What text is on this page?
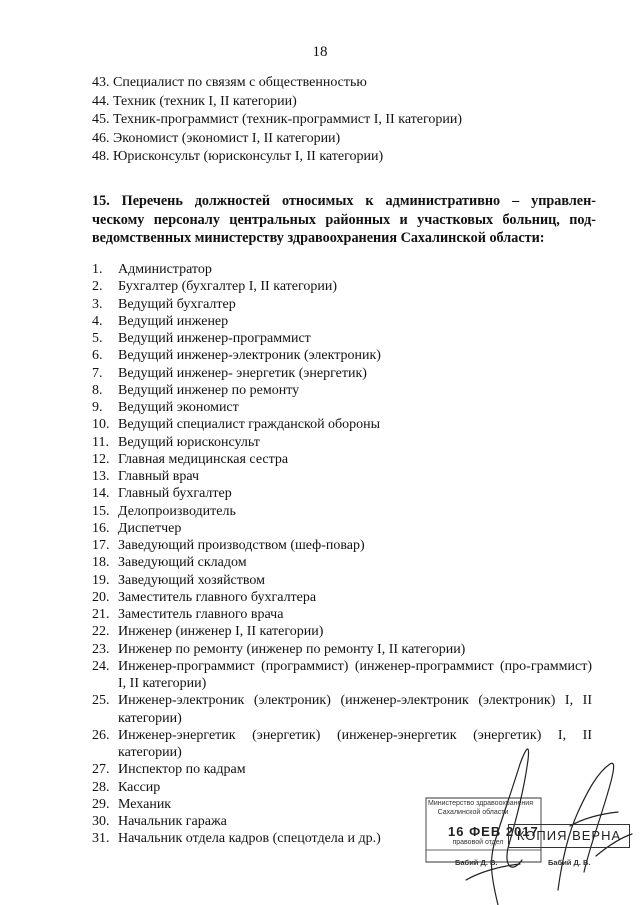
18
43. Специалист по связям с общественностью
44. Техник (техник I, II категории)
45. Техник-программист (техник-программист I, II категории)
46. Экономист (экономист I, II категории)
48. Юрисконсульт (юрисконсульт I, II категории)
15. Перечень должностей относимых к административно – управлен-
ческому персоналу центральных районных и участковых больниц, под-
ведомственных министерству здравоохранения Сахалинской области:
1.	Администратор
2.	Бухгалтер (бухгалтер I, II категории)
3.	Ведущий бухгалтер
4.	Ведущий инженер
5.	Ведущий инженер-программист
6.	Ведущий инженер-электроник (электроник)
7.	Ведущий инженер- энергетик (энергетик)
8.	Ведущий инженер по ремонту
9.	Ведущий экономист
10. Ведущий специалист гражданской обороны
11. Ведущий юрисконсульт
12. Главная медицинская сестра
13. Главный врач
14. Главный бухгалтер
15. Делопроизводитель
16. Диспетчер
17. Заведующий производством (шеф-повар)
18. Заведующий складом
19. Заведующий хозяйством
20. Заместитель главного бухгалтера
21. Заместитель главного врача
22. Инженер (инженер I, II категории)
23. Инженер по ремонту (инженер по ремонту I, II категории)
24. Инженер-программист (программист) (инженер-программист (про-граммист) I, II категории)
25. Инженер-электроник (электроник) (инженер-электроник (электроник) I, II категории)
26. Инженер-энергетик (энергетик) (инженер-энергетик (энергетик) I, II категории)
27. Инспектор по кадрам
28. Кассир
29. Механик
30. Начальник гаража
31. Начальник отдела кадров (спецотдела и др.)
Министерство здравоохранения
Сахалинской области
16 ФЕВ 2017
правовой отдел	КОПИЯ ВЕРНА
Бабий Д. В.	Бабий Д. В.
